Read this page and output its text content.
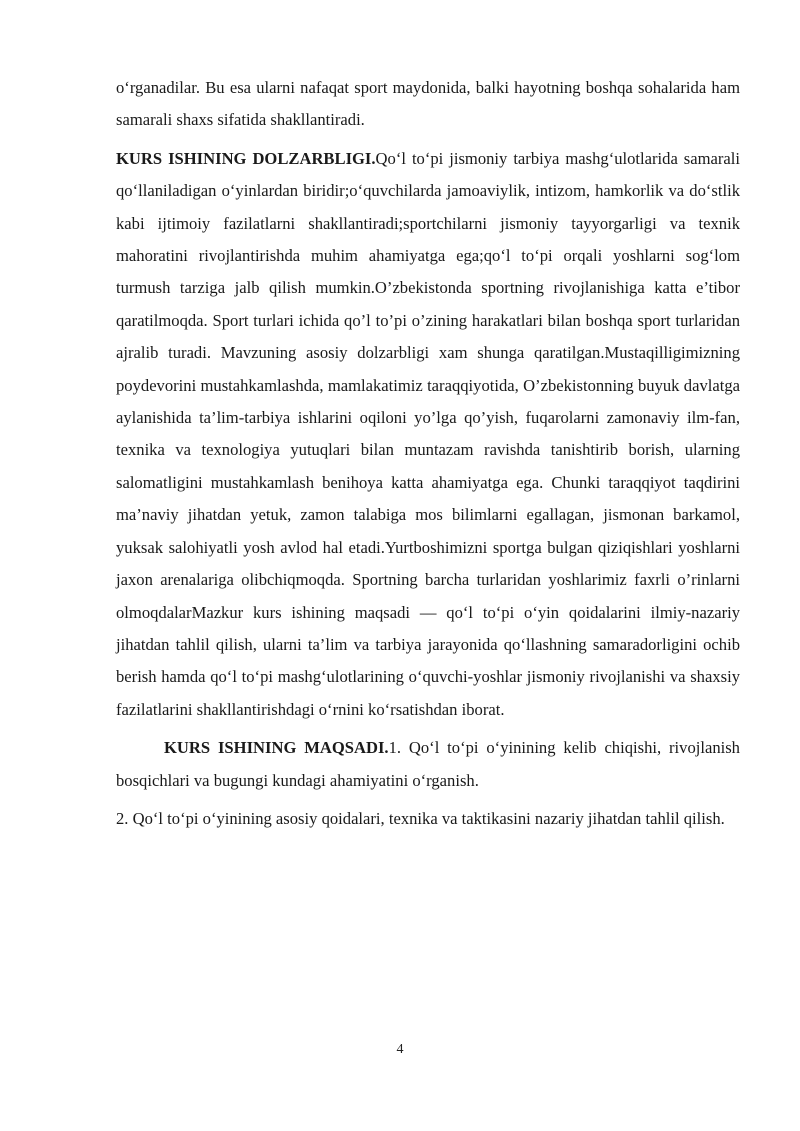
o‘rganadilar. Bu esa ularni nafaqat sport maydonida, balki hayotning boshqa sohalarida ham samarali shaxs sifatida shakllantiradi.

KURS ISHINING DOLZARBLIGI.Qo‘l to‘pi jismoniy tarbiya mashg‘ulotlarida samarali qo‘llaniladigan o‘yinlardan biridir;o‘quvchilarda jamoaviylik, intizom, hamkorlik va do‘stlik kabi ijtimoiy fazilatlarni shakllantiradi;sportchilarni jismoniy tayyorgarligi va texnik mahoratini rivojlantirishda muhim ahamiyatga ega;qo‘l to‘pi orqali yoshlarni sog‘lom turmush tarziga jalb qilish mumkin.O’zbekistonda sportning rivojlanishiga katta e’tibor qaratilmoqda. Sport turlari ichida qo’l to’pi o’zining harakatlari bilan boshqa sport turlaridan ajralib turadi. Mavzuning asosiy dolzarbligi xam shunga qaratilgan.Mustaqilligimizning poydevorini mustahkamlashda, mamlakatimiz taraqqiyotida, O’zbekistonning buyuk davlatga aylanishida ta’lim-tarbiya ishlarini oqiloni yo’lga qo’yish, fuqarolarni zamonaviy ilm-fan, texnika va texnologiya yutuqlari bilan muntazam ravishda tanishtirib borish, ularning salomatligini mustahkamlash benihoya katta ahamiyatga ega. Chunki taraqqiyot taqdirini ma’naviy jihatdan yetuk, zamon talabiga mos bilimlarni egallagan, jismonan barkamol, yuksak salohiyatli yosh avlod hal etadi.Yurtboshimizni sportga bulgan qiziqishlari yoshlarni jaxon arenalariga olibchiqmoqda. Sportning barcha turlaridan yoshlarimiz faxrli o’rinlarni olmoqdalarMazkur kurs ishining maqsadi — qo‘l to‘pi o‘yin qoidalarini ilmiy-nazariy jihatdan tahlil qilish, ularni ta’lim va tarbiya jarayonida qo‘llashning samaradorligini ochib berish hamda qo‘l to‘pi mashg‘ulotlarining o‘quvchi-yoshlar jismoniy rivojlanishi va shaxsiy fazilatlarini shakllantirishdagi o‘rnini ko‘rsatishdan iborat.

KURS ISHINING MAQSADI.1. Qo‘l to‘pi o‘yinining kelib chiqishi, rivojlanish bosqichlari va bugungi kundagi ahamiyatini o‘rganish.

2. Qo‘l to‘pi o‘yinining asosiy qoidalari, texnika va taktikasini nazariy jihatdan tahlil qilish.

4
